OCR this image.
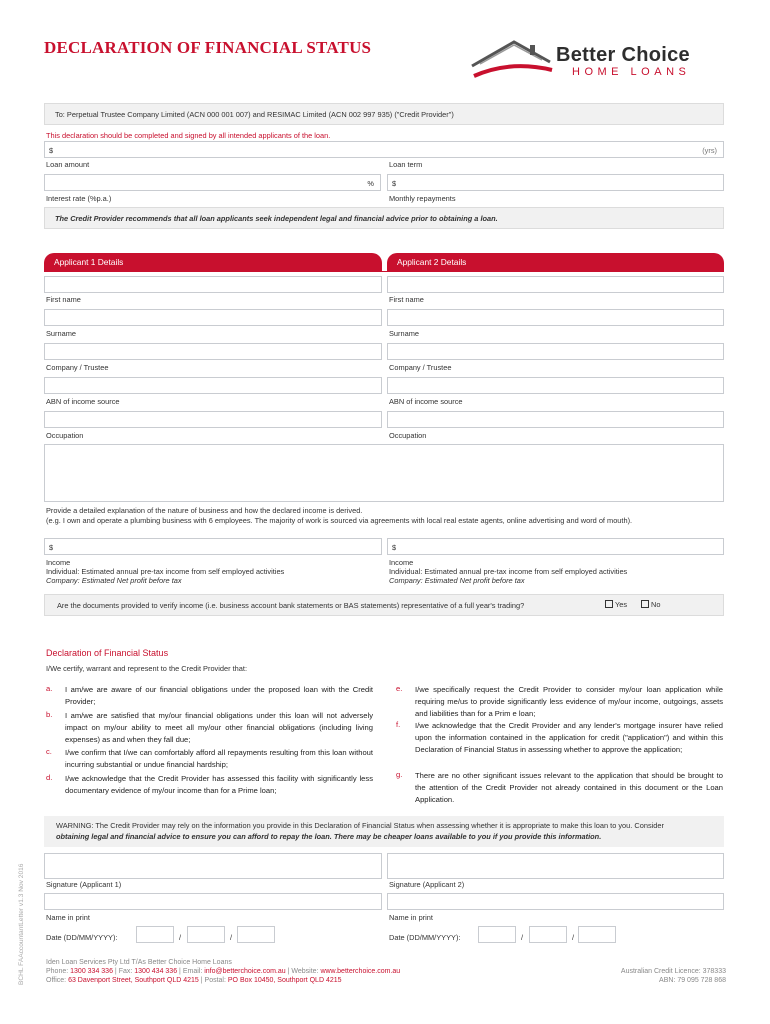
DECLARATION OF FINANCIAL STATUS	Better Choice
HOME LOANS
To: Perpetual Trustee Company Limited (ACN 000 001 007) and RESIMAC Limited (ACN 002 997 935) ("Credit Provider")
This declaration should be completed and signed by all intended applicants of the loan.
$	(yrs)
Loan amount	Loan term
% $
Interest rate (%p.a.)	Monthly repayments
The Credit Provider recommends that all loan applicants seek independent legal and financial advice prior to obtaining a loan.
Applicant 1 Details	Applicant 2 Details
First name	First name
Surname	Surname
Company / Trustee	Company / Trustee
ABN of income source	ABN of income source
Occupation	Occupation
Provide a detailed explanation of the nature of business and how the declared income is derived.
(e.g. I own and operate a plumbing business with 6 employees. The majority of work is sourced via agreements with local real estate agents, online advertising and word of mouth).
$	$
Income
Individual: Estimated annual pre-tax income from self employed activities
Company: Estimated Net profit before tax
Income
Individual: Estimated annual pre-tax income from self employed activities
Company: Estimated Net profit before tax
Are the documents provided to verify income (i.e. business account bank statements or BAS statements) representative of a full year's trading?	Yes	No
Declaration of Financial Status
I/We certify, warrant and represent to the Credit Provider that:
a. I am/we are aware of our financial obligations under the proposed loan with the Credit Provider;
b. I am/we are satisfied that my/our financial obligations under this loan will not adversely impact on my/our ability to meet all my/our other financial obligations (including living expenses) as and when they fall due;
c. I/we confirm that I/we can comfortably afford all repayments resulting from this loan without incurring substantial or undue financial hardship;
d. I/we acknowledge that the Credit Provider has assessed this facility with significantly less documentary evidence of my/our income than for a Prime loan;
e. I/we specifically request the Credit Provider to consider my/our loan application while requiring me/us to provide significantly less evidence of my/our income, outgoings, assets and liabilities than for a Prim e loan;
f. I/we acknowledge that the Credit Provider and any lender's mortgage insurer have relied upon the information contained in the application for credit ("application") and within this Declaration of Financial Status in assessing whether to approve the application;
g. There are no other significant issues relevant to the application that should be brought to the attention of the Credit Provider not already contained in this document or the Loan Application.
WARNING: The Credit Provider may rely on the information you provide in this Declaration of Financial Status when assessing whether it is appropriate to make this loan to you. Consider
obtaining legal and financial advice to ensure you can afford to repay the loan. There may be cheaper loans available to you if you provide this information.
Signature (Applicant 1)	Signature (Applicant 2)
Name in print	Name in print
Date (DD/MM/YYYY):	/	/	Date (DD/MM/YYYY):	/	/
Iden Loan Services Pty Ltd T/As Better Choice Home Loans
Phone: 1300 334 336 | Fax: 1300 434 336 | Email: info@betterchoice.com.au | Website: www.betterchoice.com.au
Office: 63 Davenport Street, Southport QLD 4215 | Postal: PO Box 10450, Southport QLD 4215
Australian Credit Licence: 378333
ABN: 79 095 728 868
BCHL FAAccountantLetter v1.3 Nov 2016
